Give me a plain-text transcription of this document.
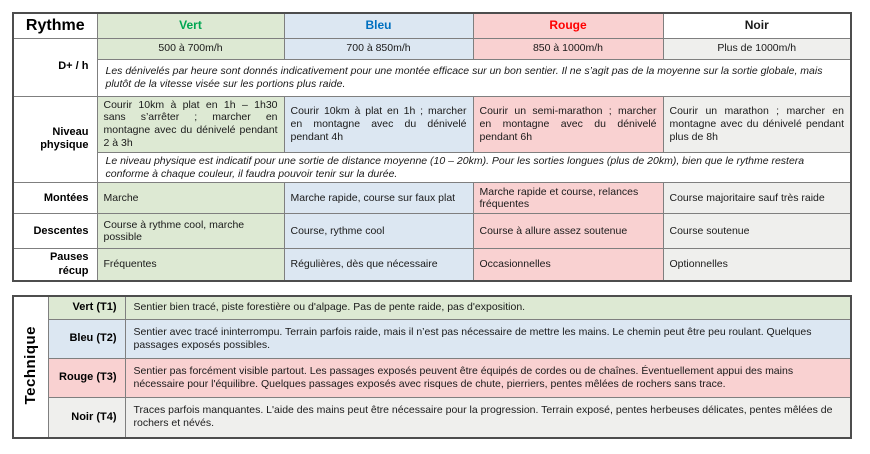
Rythme	Vert	Bleu	Rouge	Noir
D+ / h	500 à 700m/h	700 à 850m/h	850 à 1000m/h	Plus de 1000m/h
	Les dénivelés par heure sont donnés indicativement pour une montée efficace sur un bon sentier. Il ne s’agit pas de la moyenne sur la sortie globale, mais plutôt de la vitesse visée sur les portions plus raide.			
Niveau physique	Courir 10km à plat en 1h – 1h30 sans s’arrêter ; marcher en montagne avec du dénivelé pendant 2 à 3h	Courir 10km à plat en 1h ; marcher en montagne avec du dénivelé pendant 4h	Courir un semi-marathon ; marcher en montagne avec du dénivelé pendant 6h	Courir un marathon ; marcher en montagne avec du dénivelé pendant plus de 8h
	Le niveau physique est indicatif pour une sortie de distance moyenne (10 – 20km). Pour les sorties longues (plus de 20km), bien que le rythme restera conforme à chaque couleur, il faudra pouvoir tenir sur la durée.			
Montées	Marche	Marche rapide, course sur faux plat	Marche rapide et course, relances fréquentes	Course majoritaire sauf très raide
Descentes	Course à rythme cool, marche possible	Course, rythme cool	Course à allure assez soutenue	Course soutenue
Pauses récup	Fréquentes	Régulières, dès que nécessaire	Occasionnelles	Optionnelles
Technique	Vert (T1)	Sentier bien tracé, piste forestière ou d'alpage. Pas de pente raide, pas d'exposition.
	Bleu (T2)	Sentier avec tracé ininterrompu. Terrain parfois raide, mais il n’est pas nécessaire de mettre les mains. Le chemin peut être peu roulant. Quelques passages exposés possibles.
	Rouge (T3)	Sentier pas forcément visible partout. Les passages exposés peuvent être équipés de cordes ou de chaînes. Éventuellement appui des mains nécessaire pour l'équilibre. Quelques passages exposés avec risques de chute, pierriers, pentes mêlées de rochers sans trace.
	Noir (T4)	Traces parfois manquantes. L'aide des mains peut être nécessaire pour la progression. Terrain exposé, pentes herbeuses délicates, pentes mêlées de rochers et névés.
